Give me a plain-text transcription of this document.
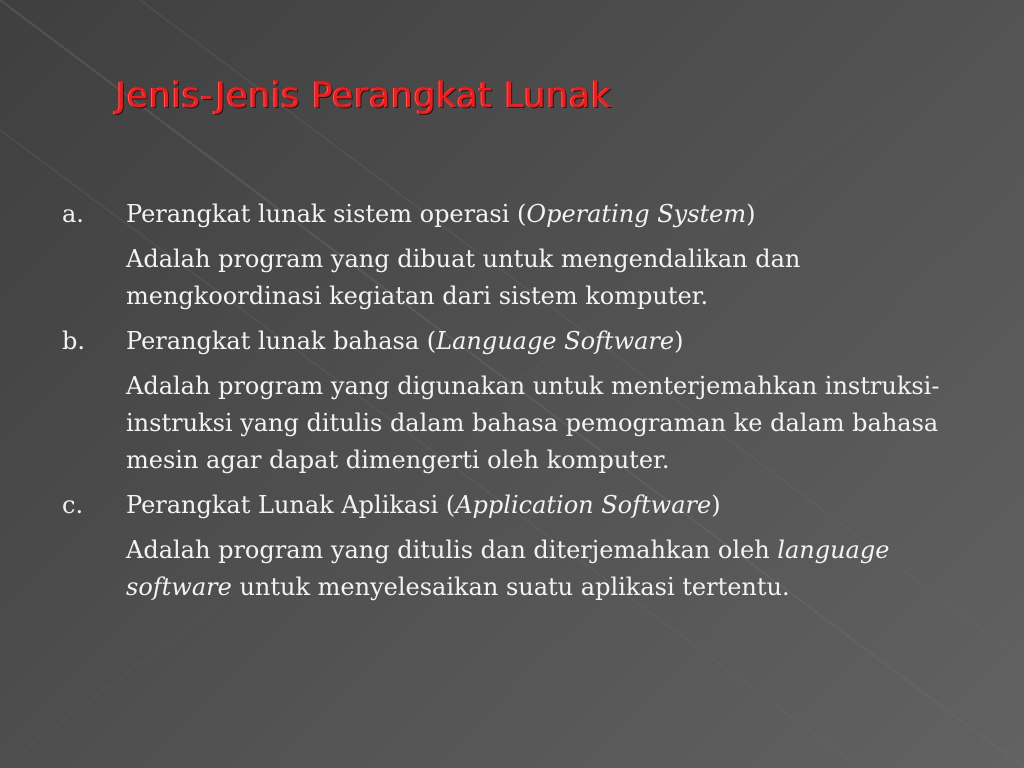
Jenis-Jenis Perangkat Lunak
a. Perangkat lunak sistem operasi (Operating System)
Adalah program yang dibuat untuk mengendalikan dan mengkoordinasi kegiatan dari sistem komputer.
b. Perangkat lunak bahasa (Language Software)
Adalah program yang digunakan untuk menterjemahkan instruksi-instruksi yang ditulis dalam bahasa pemograman ke dalam bahasa mesin agar dapat dimengerti oleh komputer.
c. Perangkat Lunak Aplikasi (Application Software)
Adalah program yang ditulis dan diterjemahkan oleh language software untuk menyelesaikan suatu aplikasi tertentu.
